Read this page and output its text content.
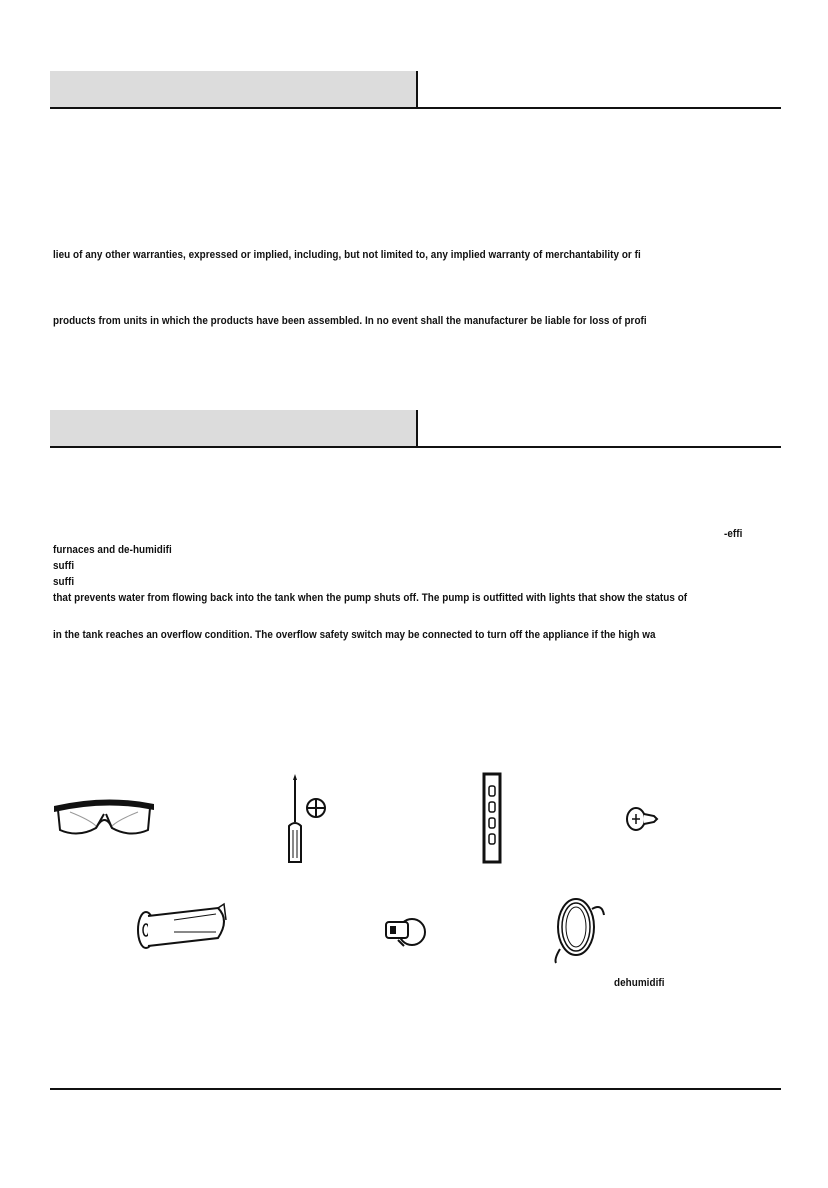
lieu of any other warranties, expressed or implied, including, but not limited to, any implied warranty of merchantability or fi
products from units in which the products have been assembled. In no event shall the manufacturer be liable for loss of profi
-effi
furnaces and de-humidifi
suffi
suffi
that prevents water from flowing back into the tank when the pump shuts off. The pump is outfitted with lights that show the status of
in the tank reaches an overflow condition. The overflow safety switch may be connected to turn off the appliance if the high wa
dehumidifi
